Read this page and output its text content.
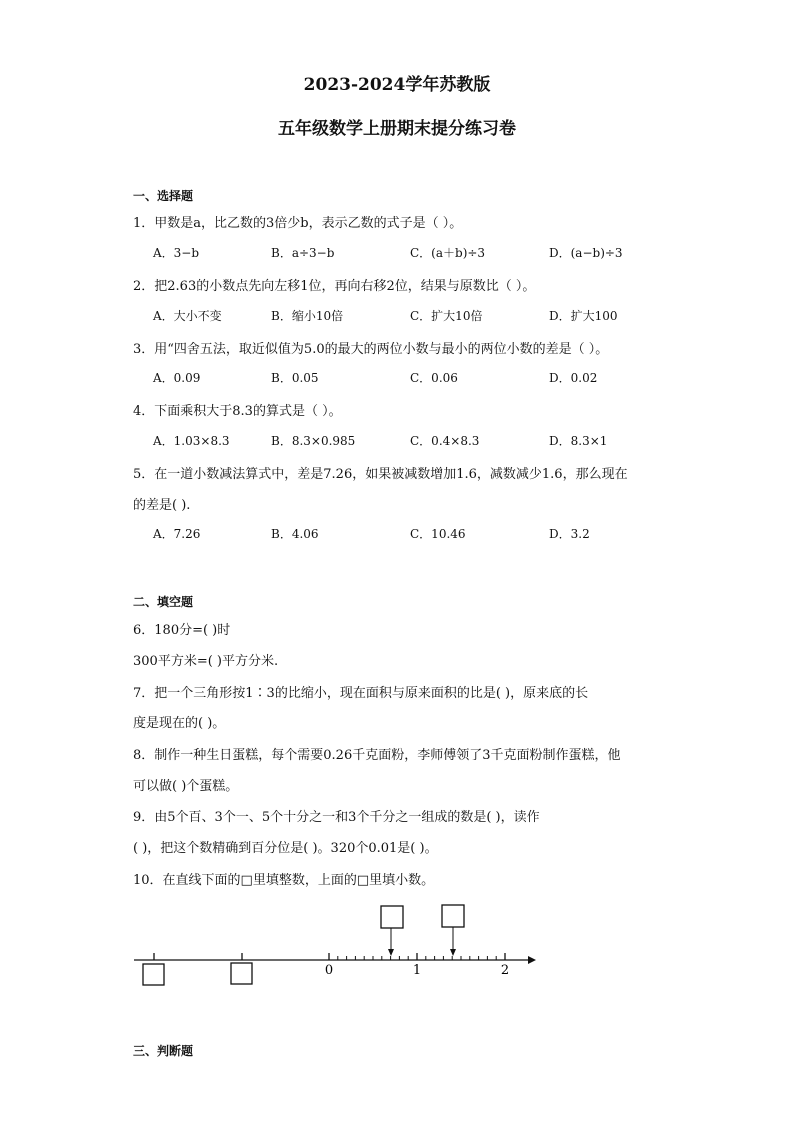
2023-2024学年苏教版
五年级数学上册期末提分练习卷
一、选择题
1．甲数是a，比乙数的3倍少b，表示乙数的式子是（ ）。
A．3−b	B．a÷3−b	C．(a＋b)÷3	D．(a−b)÷3
2．把2.63的小数点先向左移1位，再向右移2位，结果与原数比（ ）。
A．大小不变	B．缩小10倍	C．扩大10倍	D．扩大100
3．用“四舍五法，取近似值为5.0的最大的两位小数与最小的两位小数的差是（ ）。
A．0.09	B．0.05	C．0.06	D．0.02
4．下面乘积大于8.3的算式是（ ）。
A．1.03×8.3	B．8.3×0.985	C．0.4×8.3	D．8.3×1
5．在一道小数减法算式中，差是7.26，如果被减数增加1.6，减数减少1.6，那么现在
的差是( ).
A．7.26	B．4.06	C．10.46	D．3.2
二、填空题
6．180分=( )时
300平方米=( )平方分米.
7．把一个三角形按1∶3的比缩小，现在面积与原来面积的比是( )，原来底的长
度是现在的( )。
8．制作一种生日蛋糕，每个需要0.26千克面粉，李师傅领了3千克面粉制作蛋糕，他
可以做( )个蛋糕。
9．由5个百、3个一、5个十分之一和3个千分之一组成的数是( )，读作
( )，把这个数精确到百分位是( )。320个0.01是( )。
10．在直线下面的□里填整数，上面的□里填小数。
0	1	2
三、判断题
